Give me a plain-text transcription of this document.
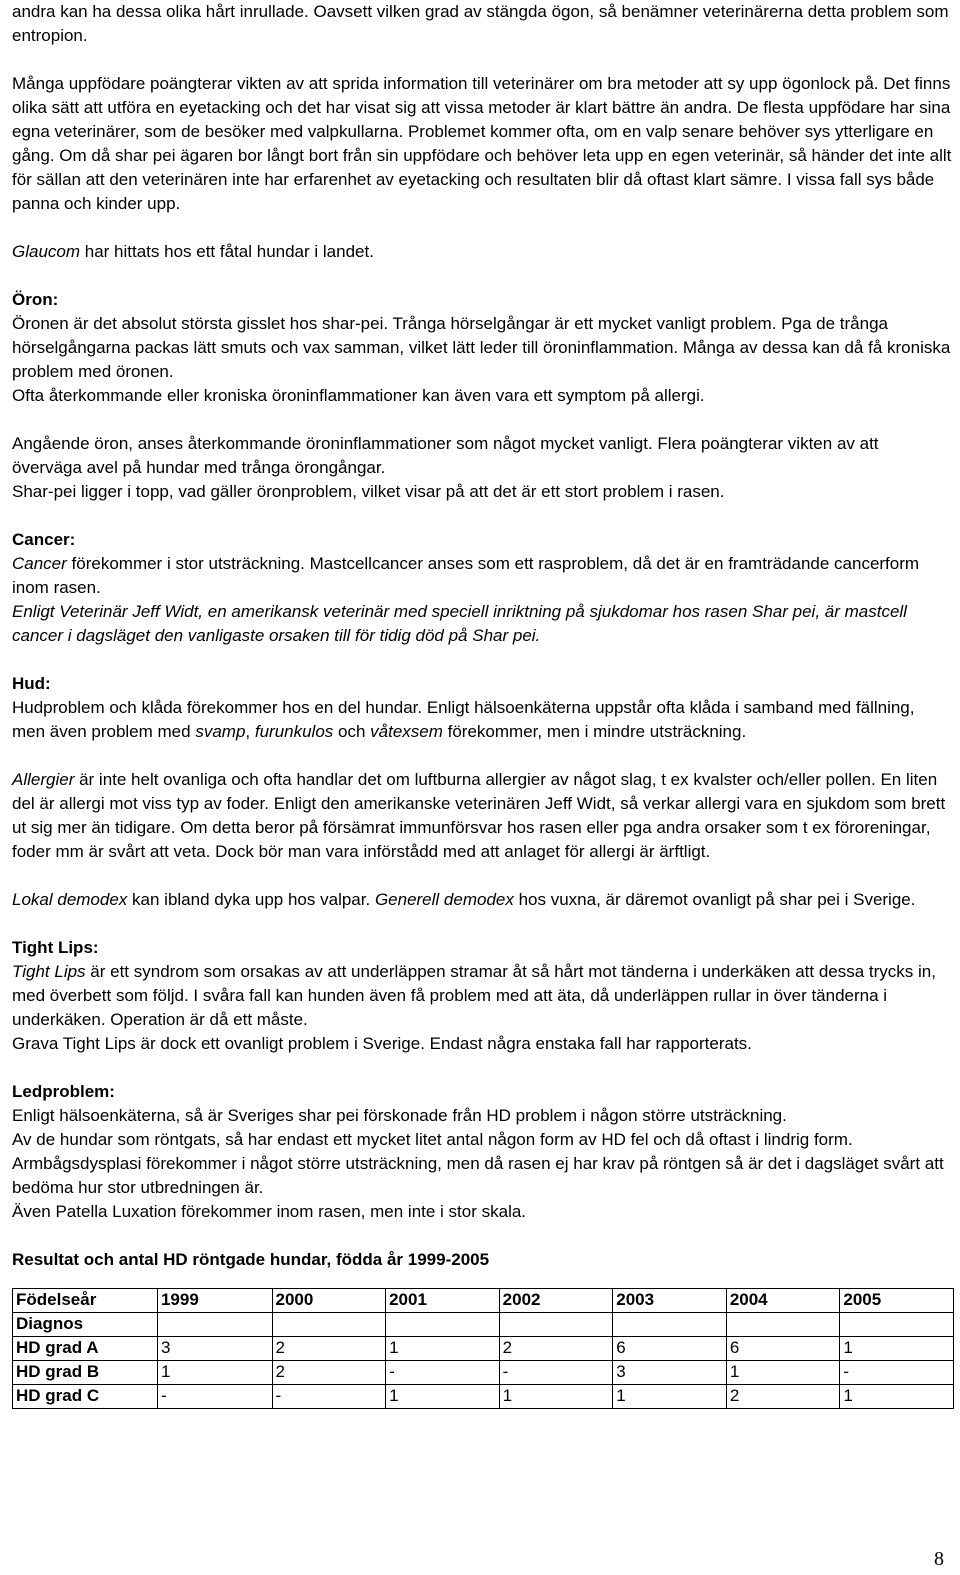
andra kan ha dessa olika hårt inrullade. Oavsett vilken grad av stängda ögon, så benämner veterinärerna detta problem som entropion.

Många uppfödare poängterar vikten av att sprida information till veterinärer om bra metoder att sy upp ögonlock på. Det finns olika sätt att utföra en eyetacking och det har visat sig att vissa metoder är klart bättre än andra. De flesta uppfödare har sina egna veterinärer, som de besöker med valpkullarna. Problemet kommer ofta, om en valp senare behöver sys ytterligare en gång. Om då shar pei ägaren bor långt bort från sin uppfödare och behöver leta upp en egen veterinär, så händer det inte allt för sällan att den veterinären inte har erfarenhet av eyetacking och resultaten blir då oftast klart sämre. I vissa fall sys både panna och kinder upp.

Glaucom har hittats hos ett fåtal hundar i landet.

Öron:

Öronen är det absolut största gisslet hos shar-pei. Trånga hörselgångar är ett mycket vanligt problem. Pga de trånga hörselgångarna packas lätt smuts och vax samman, vilket lätt leder till öroninflammation. Många av dessa kan då få kroniska problem med öronen.
Ofta återkommande eller kroniska öroninflammationer kan även vara ett symptom på allergi.

Angående öron, anses återkommande öroninflammationer som något mycket vanligt. Flera poängterar vikten av att överväga avel på hundar med trånga örongångar.
Shar-pei ligger i topp, vad gäller öronproblem, vilket visar på att det är ett stort problem i rasen.

Cancer:

Cancer förekommer i stor utsträckning. Mastcellcancer anses som ett rasproblem, då det är en framträdande cancerform inom rasen.
Enligt Veterinär Jeff Widt, en amerikansk veterinär med speciell inriktning på sjukdomar hos rasen Shar pei, är mastcell cancer i dagsläget den vanligaste orsaken till för tidig död på Shar pei.

Hud:

Hudproblem och klåda förekommer hos en del hundar. Enligt hälsoenkäterna uppstår ofta klåda i samband med fällning, men även problem med svamp, furunkulos och våtexsem förekommer, men i mindre utsträckning.

Allergier är inte helt ovanliga och ofta handlar det om luftburna allergier av något slag, t ex kvalster och/eller pollen. En liten del är allergi mot viss typ av foder. Enligt den amerikanske veterinären Jeff Widt, så verkar allergi vara en sjukdom som brett ut sig mer än tidigare. Om detta beror på försämrat immunförsvar hos rasen eller pga andra orsaker som t ex föroreningar, foder mm är svårt att veta. Dock bör man vara införstådd med att anlaget för allergi är ärftligt.

Lokal demodex kan ibland dyka upp hos valpar. Generell demodex hos vuxna, är däremot ovanligt på shar pei i Sverige.

Tight Lips:

Tight Lips är ett syndrom som orsakas av att underläppen stramar åt så hårt mot tänderna i underkäken att dessa trycks in, med överbett som följd. I svåra fall kan hunden även få problem med att äta, då underläppen rullar in över tänderna i underkäken. Operation är då ett måste.
Grava Tight Lips är dock ett ovanligt problem i Sverige. Endast några enstaka fall har rapporterats.

Ledproblem:

Enligt hälsoenkäterna, så är Sveriges shar pei förskonade från HD problem i någon större utsträckning.
Av de hundar som röntgats, så har endast ett mycket litet antal någon form av HD fel och då oftast i lindrig form.
Armbågsdysplasi förekommer i något större utsträckning, men då rasen ej har krav på röntgen så är det i dagsläget svårt att bedöma hur stor utbredningen är.
Även Patella Luxation förekommer inom rasen, men inte i stor skala.

Resultat och antal HD röntgade hundar, födda år 1999-2005

Födelseår	1999	2000	2001	2002	2003	2004	2005
Diagnos							
HD grad A	3	2	1	2	6	6	1
HD grad B	1	2	-	-	3	1	-
HD grad C	-	-	1	1	1	2	1
8
